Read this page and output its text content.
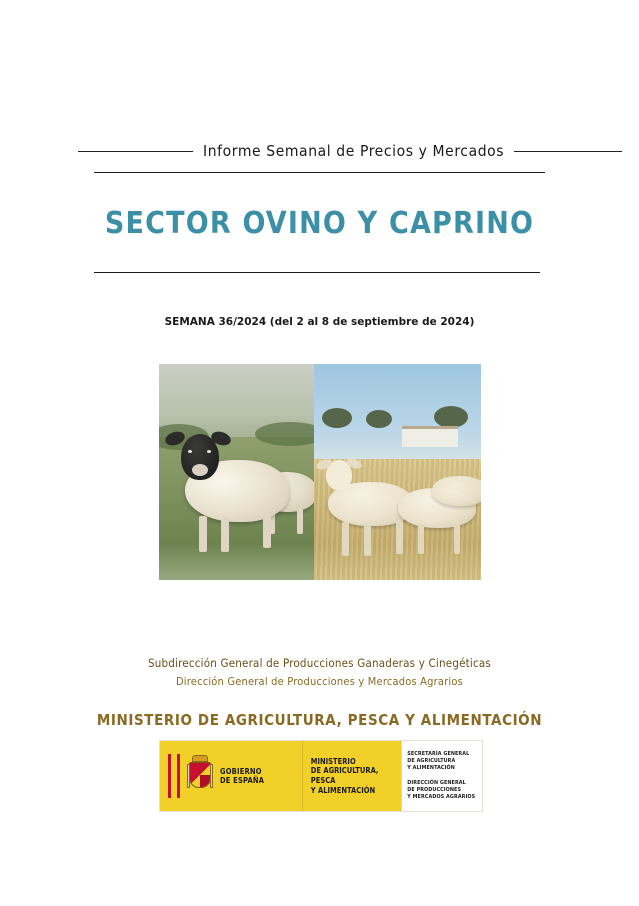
Informe Semanal de Precios y Mercados
SECTOR OVINO Y CAPRINO
SEMANA 36/2024 (del 2 al 8 de septiembre de 2024)
Subdirección General de Producciones Ganaderas y Cinegéticas
Dirección General de Producciones y Mercados Agrarios
MINISTERIO DE AGRICULTURA, PESCA Y ALIMENTACIÓN
GOBIERNO
DE ESPAÑA
MINISTERIO
DE AGRICULTURA, PESCA
Y ALIMENTACIÓN
SECRETARÍA GENERAL
DE AGRICULTURA
Y ALIMENTACIÓN
DIRECCIÓN GENERAL
DE PRODUCCIONES
Y MERCADOS AGRARIOS
